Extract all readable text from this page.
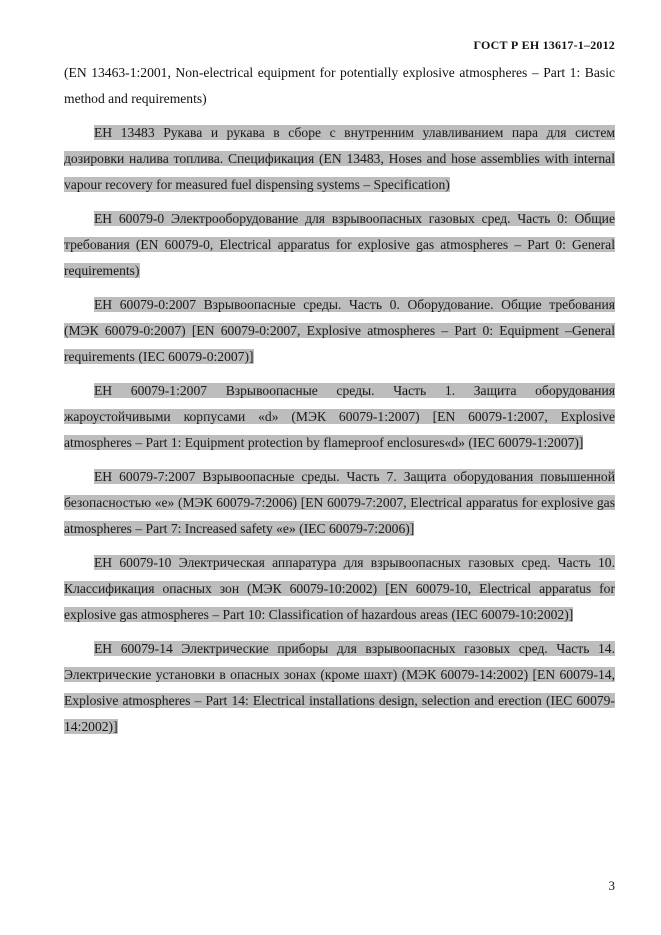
ГОСТ Р ЕН 13617-1–2012

(EN 13463-1:2001, Non-electrical equipment for potentially explosive atmospheres – Part 1: Basic method and requirements)

ЕН 13483 Рукава и рукава в сборе с внутренним улавливанием пара для систем дозировки налива топлива. Спецификация (EN 13483, Hoses and hose assemblies with internal vapour recovery for measured fuel dispensing systems – Specification)

ЕН 60079-0 Электрооборудование для взрывоопасных газовых сред. Часть 0: Общие требования (EN 60079-0, Electrical apparatus for explosive gas atmospheres – Part 0: General requirements)

ЕН 60079-0:2007 Взрывоопасные среды. Часть 0. Оборудование. Общие требования (МЭК 60079-0:2007) [EN 60079-0:2007, Explosive atmospheres – Part 0: Equipment –General requirements (IEC 60079-0:2007)]

ЕН 60079-1:2007 Взрывоопасные среды. Часть 1. Защита оборудования жароустойчивыми корпусами «d» (МЭК 60079-1:2007) [EN 60079-1:2007, Explosive atmospheres – Part 1: Equipment protection by flameproof enclosures«d» (IEC 60079-1:2007)]

ЕН 60079-7:2007 Взрывоопасные среды. Часть 7. Защита оборудования повышенной безопасностью «е» (МЭК 60079-7:2006) [EN 60079-7:2007, Electrical apparatus for explosive gas atmospheres – Part 7: Increased safety «e» (IEC 60079-7:2006)]

ЕН 60079-10 Электрическая аппаратура для взрывоопасных газовых сред. Часть 10. Классификация опасных зон (МЭК 60079-10:2002) [EN 60079-10, Electrical apparatus for explosive gas atmospheres – Part 10: Classification of hazardous areas (IEC 60079-10:2002)]

ЕН 60079-14 Электрические приборы для взрывоопасных газовых сред. Часть 14. Электрические установки в опасных зонах (кроме шахт) (МЭК 60079-14:2002) [EN 60079-14, Explosive atmospheres – Part 14: Electrical installations design, selection and erection (IEC 60079-14:2002)]

3
